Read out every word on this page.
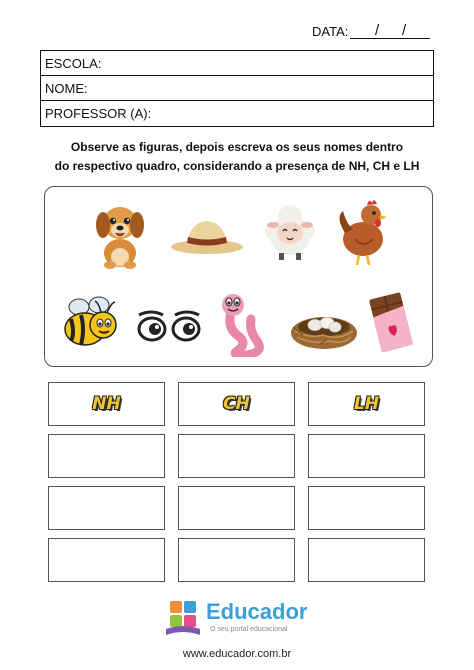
DATA: / /
ESCOLA:
NOME:
PROFESSOR (A):
Observe as figuras, depois escreva os seus nomes dentro
do respectivo quadro, considerando a presença de NH, CH e LH
NH	CH	LH
Educador
O seu portal educacional
www.educador.com.br
